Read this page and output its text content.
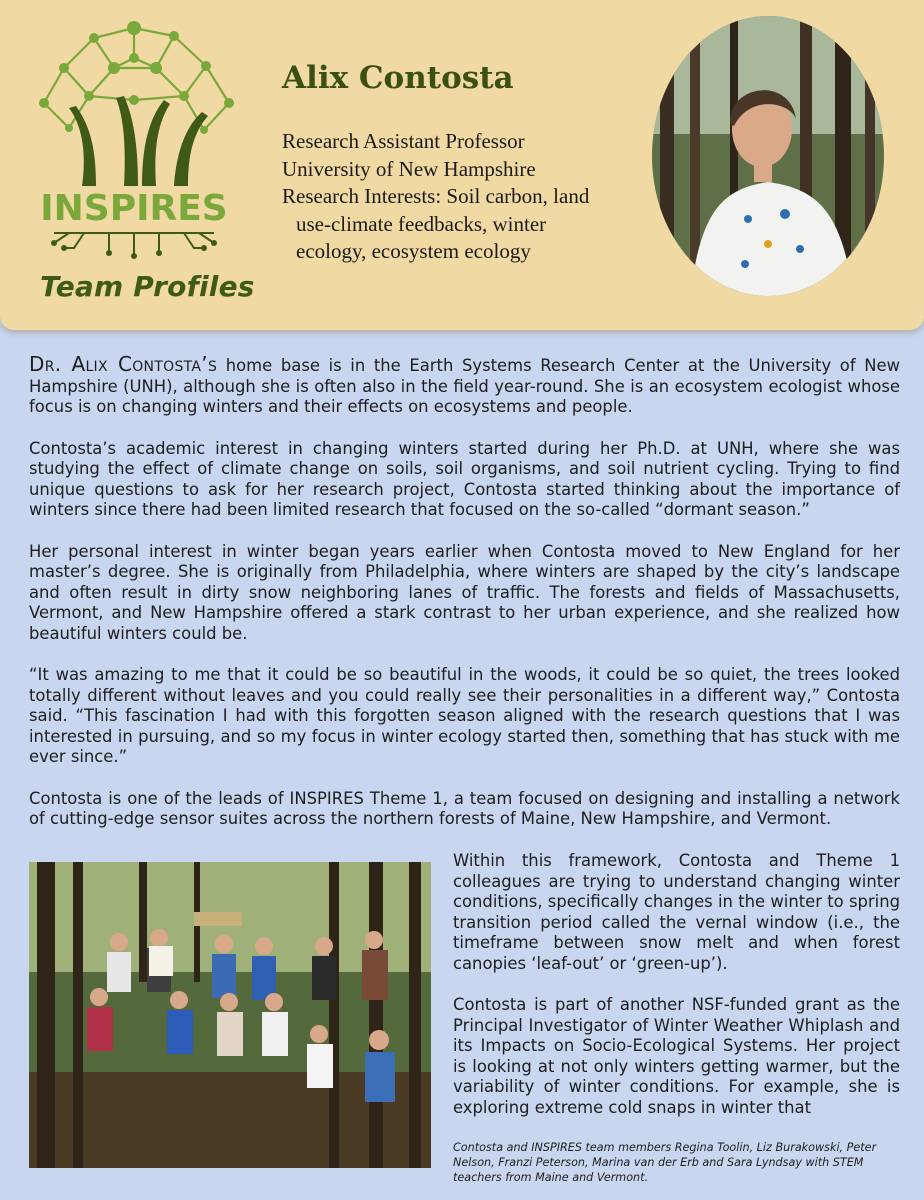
INSPIRES
Team Profiles
Alix Contosta
Research Assistant Professor
University of New Hampshire
Research Interests: Soil carbon, land
use-climate feedbacks, winter
ecology, ecosystem ecology

Dr. Alix Contosta’s home base is in the Earth Systems Research Center at the University of New Hampshire (UNH), although she is often also in the field year-round. She is an ecosystem ecologist whose focus is on changing winters and their effects on ecosystems and people.

Contosta’s academic interest in changing winters started during her Ph.D. at UNH, where she was studying the effect of climate change on soils, soil organisms, and soil nutrient cycling. Trying to find unique questions to ask for her research project, Contosta started thinking about the importance of winters since there had been limited research that focused on the so-called “dormant season.”

Her personal interest in winter began years earlier when Contosta moved to New England for her master’s degree. She is originally from Philadelphia, where winters are shaped by the city’s landscape and often result in dirty snow neighboring lanes of traffic. The forests and fields of Massachusetts, Vermont, and New Hampshire offered a stark contrast to her urban experience, and she realized how beautiful winters could be.

“It was amazing to me that it could be so beautiful in the woods, it could be so quiet, the trees looked totally different without leaves and you could really see their personalities in a different way,” Contosta said. “This fascination I had with this forgotten season aligned with the research questions that I was interested in pursuing, and so my focus in winter ecology started then, something that has stuck with me ever since.”

Contosta is one of the leads of INSPIRES Theme 1, a team focused on designing and installing a network of cutting-edge sensor suites across the northern forests of Maine, New Hampshire, and Vermont.

Within this framework, Contosta and Theme 1 colleagues are trying to understand changing winter conditions, specifically changes in the winter to spring transition period called the vernal window (i.e., the timeframe between snow melt and when forest canopies ‘leaf-out’ or ‘green-up’).

Contosta is part of another NSF-funded grant as the Principal Investigator of Winter Weather Whiplash and its Impacts on Socio-Ecological Systems. Her project is looking at not only winters getting warmer, but the variability of winter conditions. For example, she is exploring extreme cold snaps in winter that

Contosta and INSPIRES team members Regina Toolin, Liz Burakowski, Peter Nelson, Franzi Peterson, Marina van der Erb and Sara Lyndsay with STEM teachers from Maine and Vermont.
